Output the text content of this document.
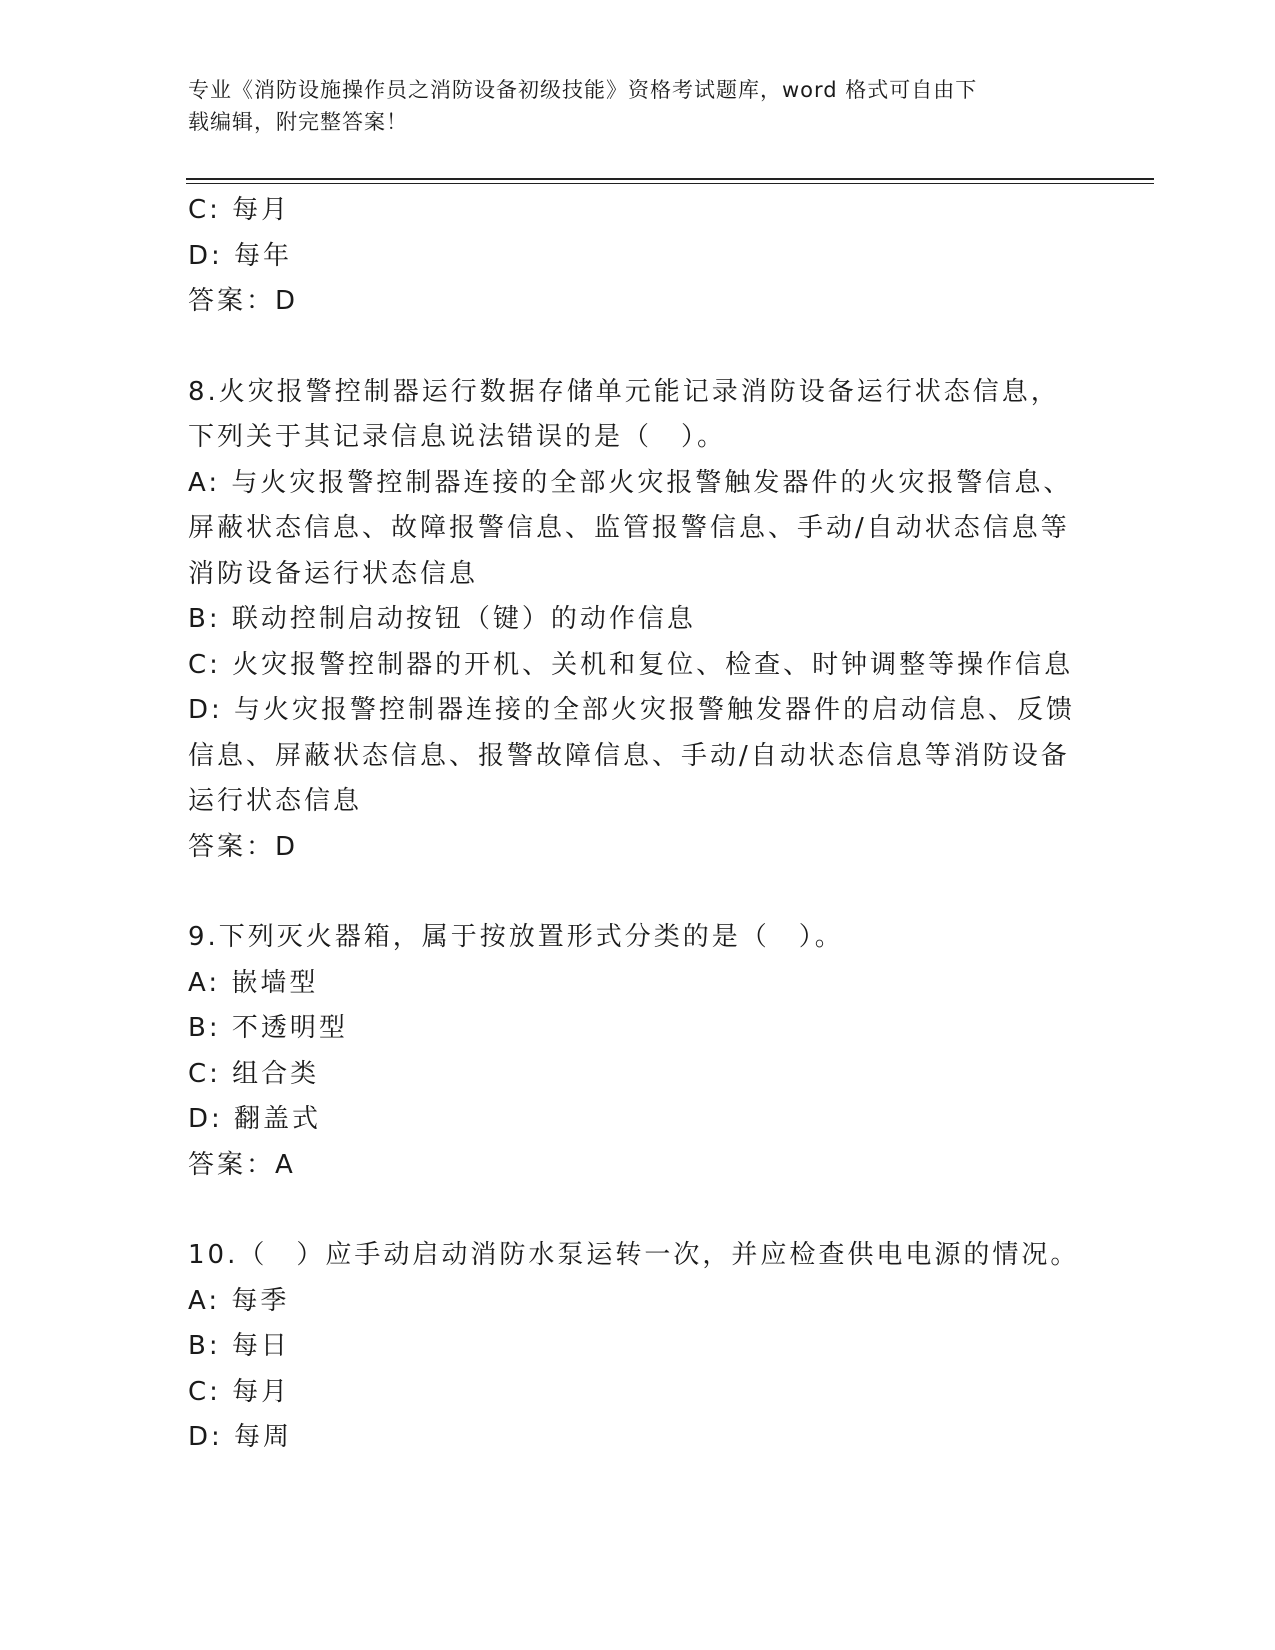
专业《消防设施操作员之消防设备初级技能》资格考试题库，word 格式可自由下
载编辑，附完整答案！
C: 每月
D: 每年
答案：D
8.火灾报警控制器运行数据存储单元能记录消防设备运行状态信息，
下列关于其记录信息说法错误的是（　）。
A: 与火灾报警控制器连接的全部火灾报警触发器件的火灾报警信息、
屏蔽状态信息、故障报警信息、监管报警信息、手动/自动状态信息等
消防设备运行状态信息
B: 联动控制启动按钮（键）的动作信息
C: 火灾报警控制器的开机、关机和复位、检查、时钟调整等操作信息
D: 与火灾报警控制器连接的全部火灾报警触发器件的启动信息、反馈
信息、屏蔽状态信息、报警故障信息、手动/自动状态信息等消防设备
运行状态信息
答案：D
9.下列灭火器箱，属于按放置形式分类的是（　）。
A: 嵌墙型
B: 不透明型
C: 组合类
D: 翻盖式
答案：A
10.（　）应手动启动消防水泵运转一次，并应检查供电电源的情况。
A: 每季
B: 每日
C: 每月
D: 每周
